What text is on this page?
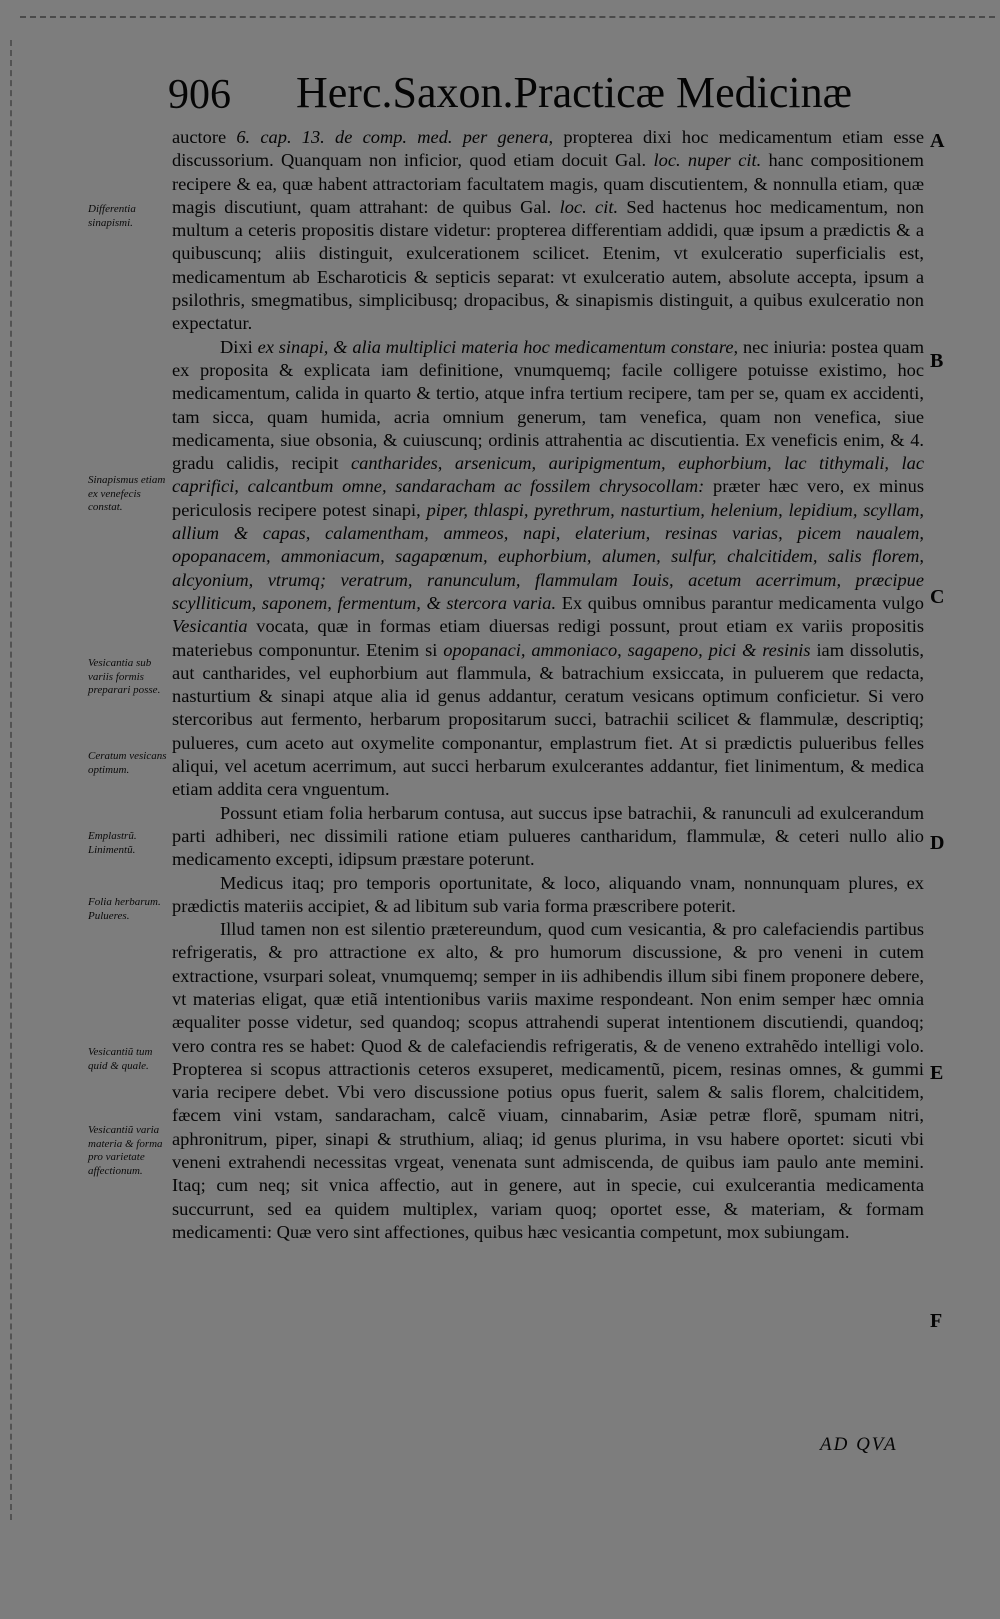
906 Herc.Saxon.Practicæ Medicinæ

auctore 6. cap. 13. de comp. med. per genera, propterea dixi hoc medicamentum etiam esse discussorium. Quanquam non inficior, quod etiam docuit Gal. loc. nuper cit. hanc compositionem recipere & ea, quæ habent attractoriam facultatem magis, quam discutientem, & nonnulla etiam, quæ magis discutiunt, quam attrahant: de quibus Gal. loc. cit. Sed hactenus hoc medicamentum, non multum a ceteris propositis distare videtur: propterea differentiam addidi, quæ ipsum a prædictis & a quibuscunq; aliis distinguit, exulcerationem scilicet. Etenim, vt exulceratio superficialis est, medicamentum ab Escharoticis & septicis separat: vt exulceratio autem, absolute accepta, ipsum a psilothris, smegmatibus, simplicibusq; dropacibus, & sinapismis distinguit, a quibus exulceratio non expectatur.

Dixi ex sinapi, & alia multiplici materia hoc medicamentum constare, nec iniuria: postea quam ex proposita & explicata iam definitione, vnumquemq; facile colligere potuisse existimo, hoc medicamentum, calida in quarto & tertio, atque infra tertium recipere, tam per se, quam ex accidenti, tam sicca, quam humida, acria omnium generum, tam venefica, quam non venefica, siue medicamenta, siue obsonia, & cuiuscunq; ordinis attrahentia ac discutientia. Ex veneficis enim, & 4. gradu calidis, recipit cantharides, arsenicum, auripigmentum, euphorbium, lac tithymali, lac caprifici, calcantbum omne, sandaracham ac fossilem chrysocollam: præter hæc vero, ex minus periculosis recipere potest sinapi, piper, thlaspi, pyrethrum, nasturtium, helenium, lepidium, scyllam, allium & capas, calamentham, ammeos, napi, elaterium, resinas varias, picem naualem, opopanacem, ammoniacum, sagapœnum, euphorbium, alumen, sulfur, chalcitidem, salis florem, alcyonium, vtrumq; veratrum, ranunculum, flammulam Iouis, acetum acerrimum, præcipue scylliticum, saponem, fermentum, & stercora varia. Ex quibus omnibus parantur medicamenta vulgo Vesicantia vocata, quæ in formas etiam diuersas redigi possunt, prout etiam ex variis propositis materiebus componuntur. Etenim si opopanaci, ammoniaco, sagapeno, pici & resinis iam dissolutis, aut cantharides, vel euphorbium aut flammula, & batrachium exsiccata, in puluerem que redacta, nasturtium & sinapi atque alia id genus addantur, ceratum vesicans optimum conficietur. Si vero stercoribus aut fermento, herbarum propositarum succi, batrachii scilicet & flammulæ, descriptiq; pulueres, cum aceto aut oxymelite componantur, emplastrum fiet. At si prædictis pulueribus felles aliqui, vel acetum acerrimum, aut succi herbarum exulcerantes addantur, fiet linimentum, & medica etiam addita cera vnguentum.

Possunt etiam folia herbarum contusa, aut succus ipse batrachii, & ranunculi ad exulcerandum parti adhiberi, nec dissimili ratione etiam pulueres cantharidum, flammulæ, & ceteri nullo alio medicamento excepti, idipsum præstare poterunt.

Medicus itaq; pro temporis oportunitate, & loco, aliquando vnam, nonnunquam plures, ex prædictis materiis accipiet, & ad libitum sub varia forma præscribere poterit.

Illud tamen non est silentio prætereundum, quod cum vesicantia, & pro calefaciendis partibus refrigeratis, & pro attractione ex alto, & pro humorum discussione, & pro veneni in cutem extractione, vsurpari soleat, vnumquemq; semper in iis adhibendis illum sibi finem proponere debere, vt materias eligat, quæ etiã intentionibus variis maxime respondeant. Non enim semper hæc omnia æqualiter posse videtur, sed quandoq; scopus attrahendi superat intentionem discutiendi, quandoq; vero contra res se habet: Quod & de calefaciendis refrigeratis, & de veneno extrahẽdo intelligi volo. Propterea si scopus attractionis ceteros exsuperet, medicamentũ, picem, resinas omnes, & gummi varia recipere debet. Vbi vero discussione potius opus fuerit, salem & salis florem, chalcitidem, fæcem vini vstam, sandaracham, calcẽ viuam, cinnabarim, Asiæ petræ florẽ, spumam nitri, aphronitrum, piper, sinapi & struthium, aliaq; id genus plurima, in vsu habere oportet: sicuti vbi veneni extrahendi necessitas vrgeat, venenata sunt admiscenda, de quibus iam paulo ante memini. Itaq; cum neq; sit vnica affectio, aut in genere, aut in specie, cui exulcerantia medicamenta succurrunt, sed ea quidem multiplex, variam quoq; oportet esse, & materiam, & formam medicamenti: Quæ vero sint affectiones, quibus hæc vesicantia competunt, mox subiungam.

Differentia sinapismi.
Sinapismus etiam ex venefecis constat.
Vesicantia sub variis formis preparari posse.
Ceratum vesicans optimum.
Emplastrũ. Linimentũ.
Folia herbarum. Pulueres.
Vesicantiũ tum quid & quale.
Vesicantiũ varia materia & forma pro varietate affectionum.
A
B
C
D
E
F
AD QVA
